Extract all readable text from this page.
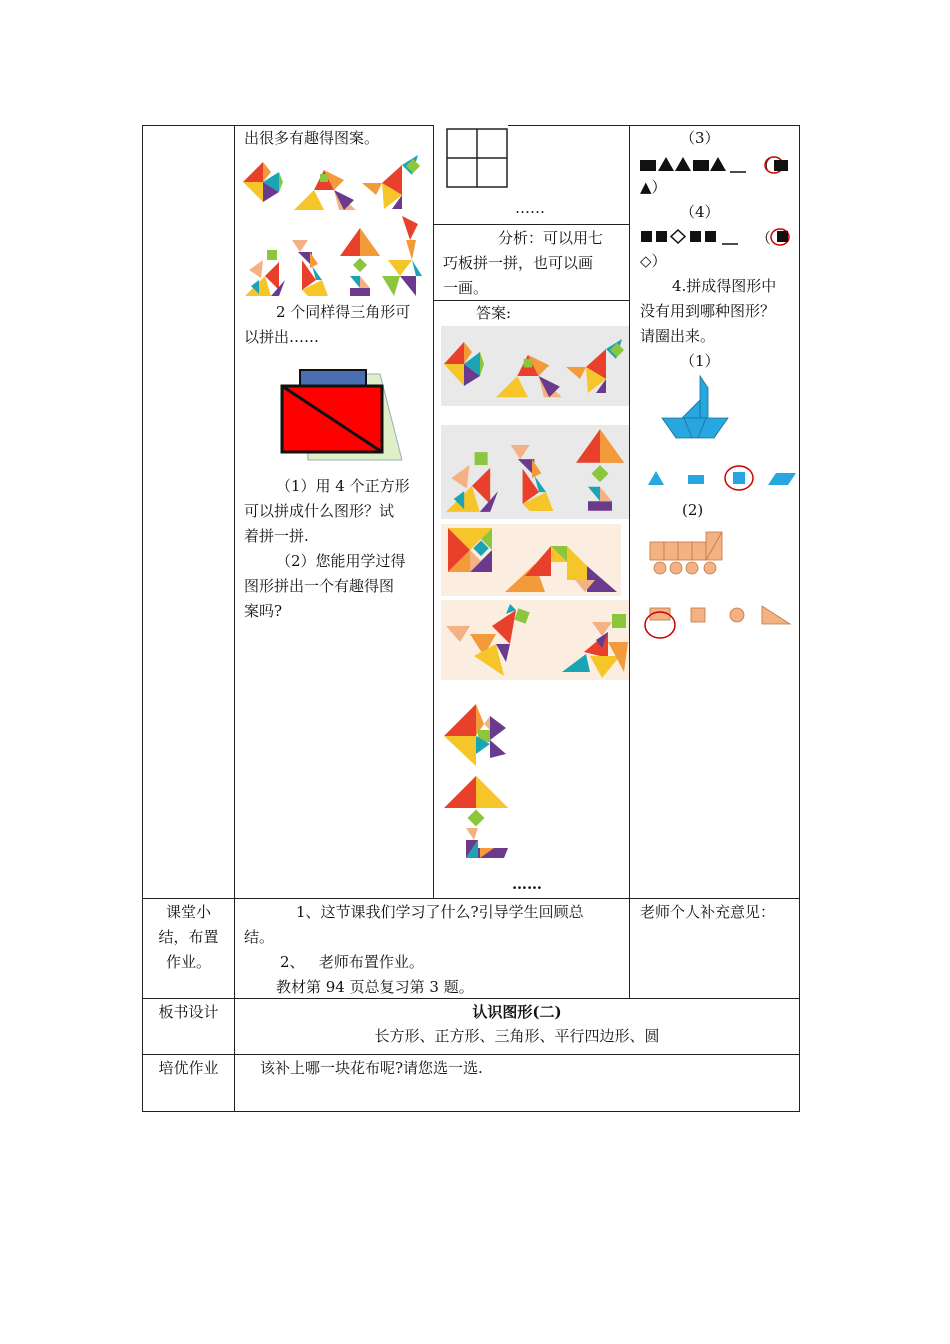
出很多有趣得图案。
2 个同样得三角形可
以拼出……
（1）用 4 个正方形
可以拼成什么图形？试
着拼一拼.
（2）您能用学过得
图形拼出一个有趣得图
案吗?
……
分析：可以用七
巧板拼一拼，也可以画
一画。
答案:
……
（3）
（
▲）
（4）
（
◇）
4.拼成得图形中
没有用到哪种图形？
请圈出来。
（1）
(2)
课堂小
结，布置
作业。
1、这节课我们学习了什么?引导学生回顾总
结。
2、   老师布置作业。
教材第 94 页总复习第 3 题。
老师个人补充意见：
板书设计	认识图形(二)
长方形、正方形、三角形、平行四边形、圆
培优作业	该补上哪一块花布呢?请您选一选.
